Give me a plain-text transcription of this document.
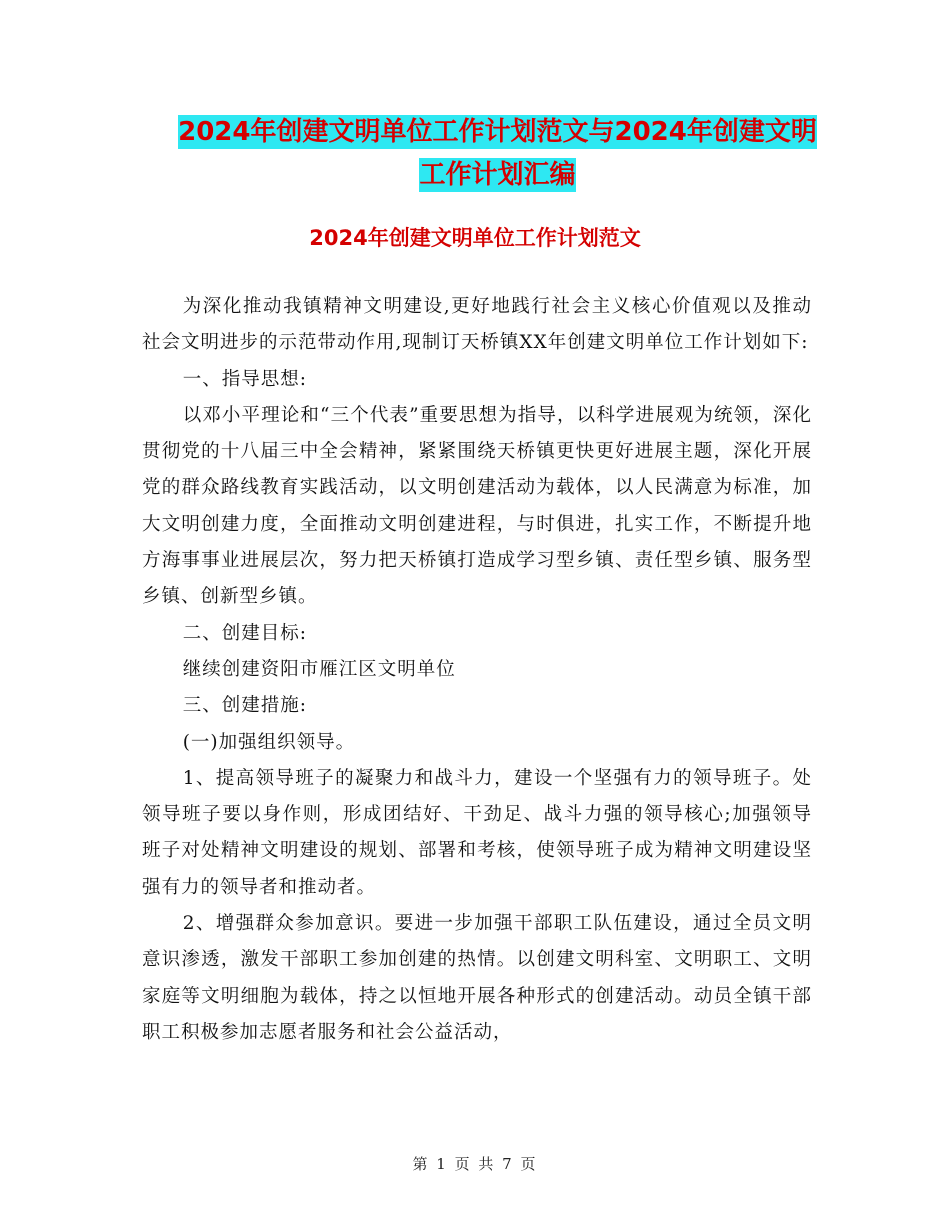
2024年创建文明单位工作计划范文与2024年创建文明
工作计划汇编
2024年创建文明单位工作计划范文

为深化推动我镇精神文明建设,更好地践行社会主义核心价值观以及推动社会文明进步的示范带动作用,现制订天桥镇XX年创建文明单位工作计划如下:

一、指导思想:

以邓小平理论和“三个代表”重要思想为指导，以科学进展观为统领，深化贯彻党的十八届三中全会精神，紧紧围绕天桥镇更快更好进展主题，深化开展党的群众路线教育实践活动，以文明创建活动为载体，以人民满意为标准，加大文明创建力度，全面推动文明创建进程，与时俱进，扎实工作，不断提升地方海事事业进展层次，努力把天桥镇打造成学习型乡镇、责任型乡镇、服务型乡镇、创新型乡镇。

二、创建目标:

继续创建资阳市雁江区文明单位

三、创建措施:

(一)加强组织领导。

1、提高领导班子的凝聚力和战斗力，建设一个坚强有力的领导班子。处领导班子要以身作则，形成团结好、干劲足、战斗力强的领导核心;加强领导班子对处精神文明建设的规划、部署和考核，使领导班子成为精神文明建设坚强有力的领导者和推动者。

2、增强群众参加意识。要进一步加强干部职工队伍建设，通过全员文明意识渗透，激发干部职工参加创建的热情。以创建文明科室、文明职工、文明家庭等文明细胞为载体，持之以恒地开展各种形式的创建活动。动员全镇干部职工积极参加志愿者服务和社会公益活动，

第 1 页 共 7 页
